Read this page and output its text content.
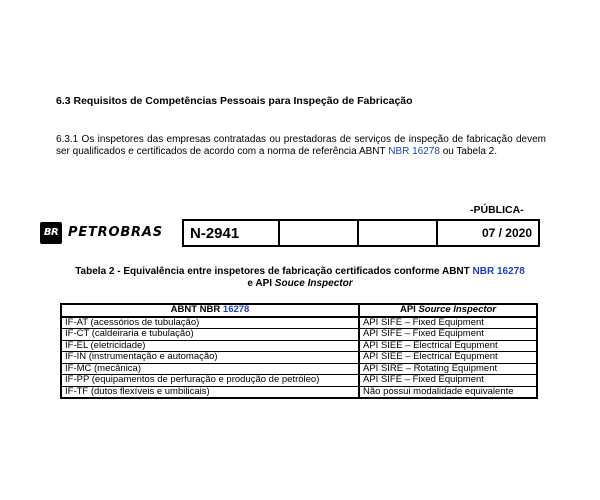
6.3 Requisitos de Competências Pessoais para Inspeção de Fabricação
6.3.1 Os inspetores das empresas contratadas ou prestadoras de serviços de inspeção de fabricação devem ser qualificados e certificados de acordo com a norma de referência ABNT NBR 16278 ou Tabela 2.
-PÚBLICA-
BR PETROBRAS N-2941			07 / 2020
Tabela 2 - Equivalência entre inspetores de fabricação certificados conforme ABNT NBR 16278
e API Souce Inspector
ABNT NBR 16278	API Source Inspector
IF-AT (acessórios de tubulação)	API SIFE – Fixed Equipment
IF-CT (caldeiraria e tubulação)	API SIFE – Fixed Equipment
IF-EL (eletricidade)	API SIEE – Electrical Equpment
IF-IN (instrumentação e automação)	API SIEE – Electrical Equpment
IF-MC (mecânica)	API SIRE – Rotating Equipment
IF-PP (equipamentos de perfuração e produção de petróleo)	API SIFE – Fixed Equipment
IF-TF (dutos flexíveis e umbilicais)	Não possui modalidade equivalente
